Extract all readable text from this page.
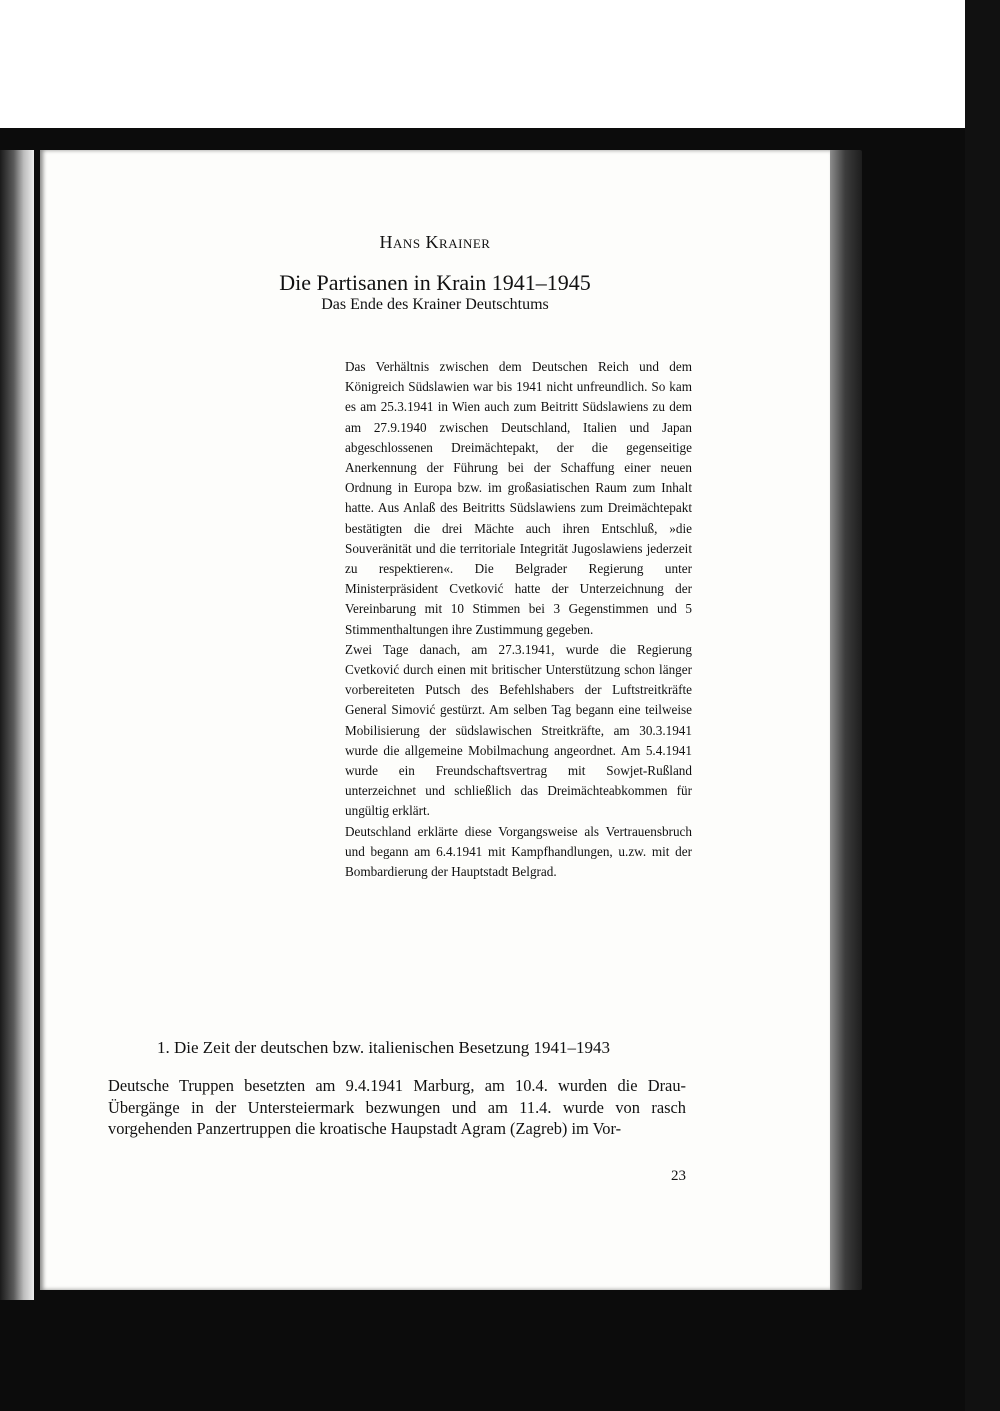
Hans Krainer
Die Partisanen in Krain 1941–1945
Das Ende des Krainer Deutschtums

Das Verhältnis zwischen dem Deutschen Reich und dem Königreich Südslawien war bis 1941 nicht unfreundlich. So kam es am 25.3.1941 in Wien auch zum Beitritt Südslawiens zu dem am 27.9.1940 zwischen Deutschland, Italien und Japan abgeschlossenen Dreimächtepakt, der die gegenseitige Anerkennung der Führung bei der Schaffung einer neuen Ordnung in Europa bzw. im großasiatischen Raum zum Inhalt hatte. Aus Anlaß des Beitritts Südslawiens zum Dreimächtepakt bestätigten die drei Mächte auch ihren Entschluß, »die Souveränität und die territoriale Integrität Jugoslawiens jederzeit zu respektieren«. Die Belgrader Regierung unter Ministerpräsident Cvetković hatte der Unterzeichnung der Vereinbarung mit 10 Stimmen bei 3 Gegenstimmen und 5 Stimmenthaltungen ihre Zustimmung gegeben.

Zwei Tage danach, am 27.3.1941, wurde die Regierung Cvetković durch einen mit britischer Unterstützung schon länger vorbereiteten Putsch des Befehlshabers der Luftstreitkräfte General Simović gestürzt. Am selben Tag begann eine teilweise Mobilisierung der südslawischen Streitkräfte, am 30.3.1941 wurde die allgemeine Mobilmachung angeordnet. Am 5.4.1941 wurde ein Freundschaftsvertrag mit Sowjet-Rußland unterzeichnet und schließlich das Dreimächteabkommen für ungültig erklärt.

Deutschland erklärte diese Vorgangsweise als Vertrauensbruch und begann am 6.4.1941 mit Kampfhandlungen, u.zw. mit der Bombardierung der Hauptstadt Belgrad.

1. Die Zeit der deutschen bzw. italienischen Besetzung 1941–1943

Deutsche Truppen besetzten am 9.4.1941 Marburg, am 10.4. wurden die Drau-Übergänge in der Untersteiermark bezwungen und am 11.4. wurde von rasch vorgehenden Panzertruppen die kroatische Haupstadt Agram (Zagreb) im Vor-

23
